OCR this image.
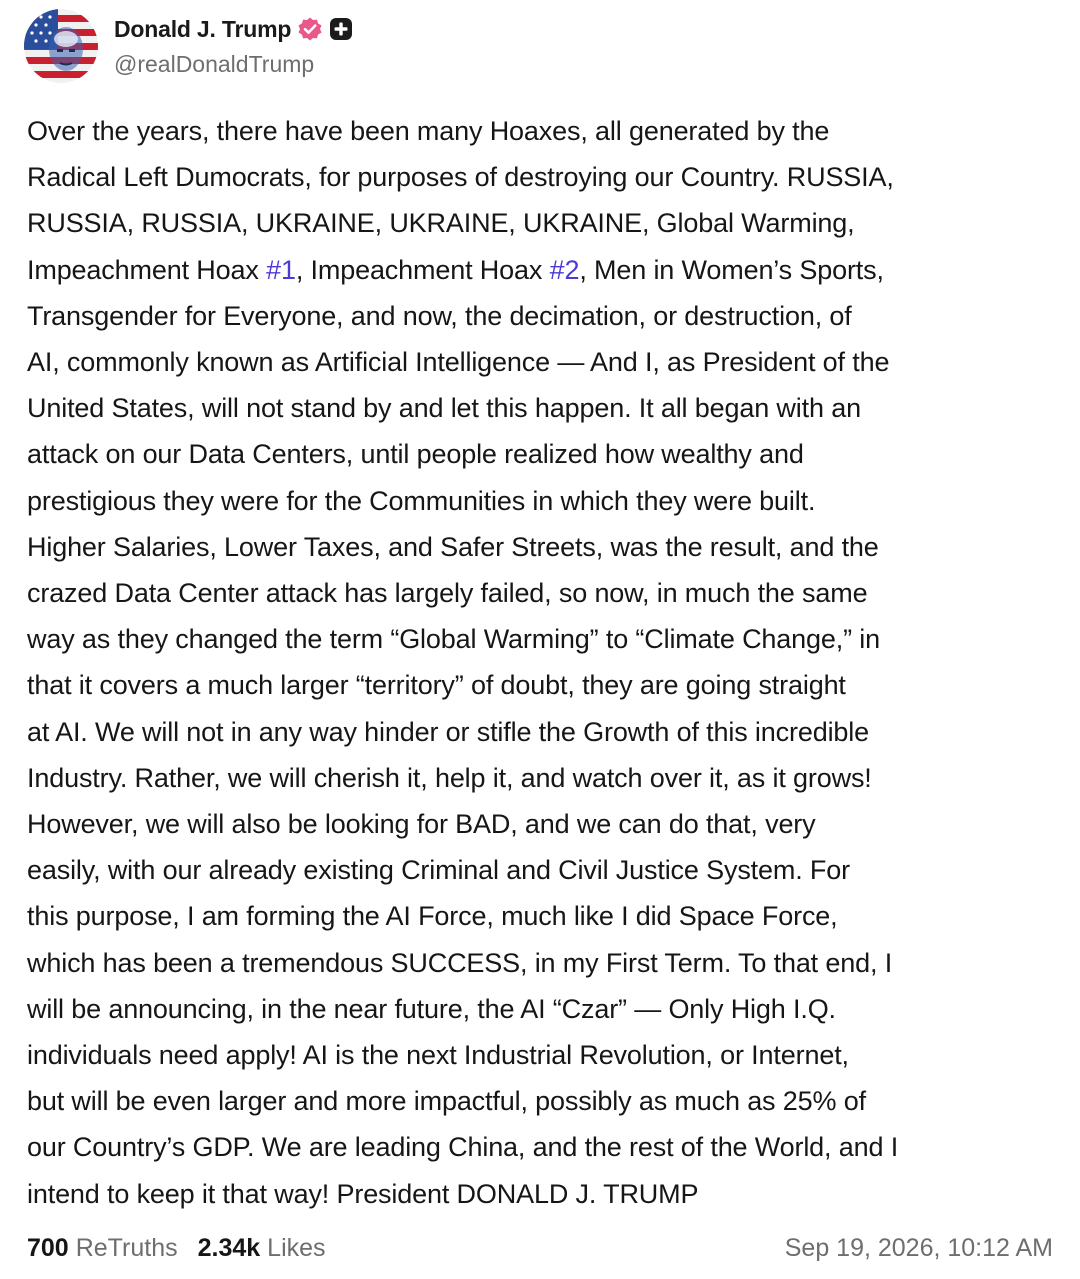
Donald J. Trump
@realDonaldTrump

Over the years, there have been many Hoaxes, all generated by the

Radical Left Dumocrats, for purposes of destroying our Country. RUSSIA,

RUSSIA, RUSSIA, UKRAINE, UKRAINE, UKRAINE, Global Warming,

Impeachment Hoax #1, Impeachment Hoax #2, Men in Women’s Sports,

Transgender for Everyone, and now, the decimation, or destruction, of

AI, commonly known as Artificial Intelligence — And I, as President of the

United States, will not stand by and let this happen. It all began with an

attack on our Data Centers, until people realized how wealthy and

prestigious they were for the Communities in which they were built.

Higher Salaries, Lower Taxes, and Safer Streets, was the result, and the

crazed Data Center attack has largely failed, so now, in much the same

way as they changed the term “Global Warming” to “Climate Change,” in

that it covers a much larger “territory” of doubt, they are going straight

at AI. We will not in any way hinder or stifle the Growth of this incredible

Industry. Rather, we will cherish it, help it, and watch over it, as it grows!

However, we will also be looking for BAD, and we can do that, very

easily, with our already existing Criminal and Civil Justice System. For

this purpose, I am forming the AI Force, much like I did Space Force,

which has been a tremendous SUCCESS, in my First Term. To that end, I

will be announcing, in the near future, the AI “Czar” — Only High I.Q.

individuals need apply! AI is the next Industrial Revolution, or Internet,

but will be even larger and more impactful, possibly as much as 25% of

our Country’s GDP. We are leading China, and the rest of the World, and I

intend to keep it that way! President DONALD J. TRUMP

700 ReTruths 2.34k Likes	Sep 19, 2026, 10:12 AM
